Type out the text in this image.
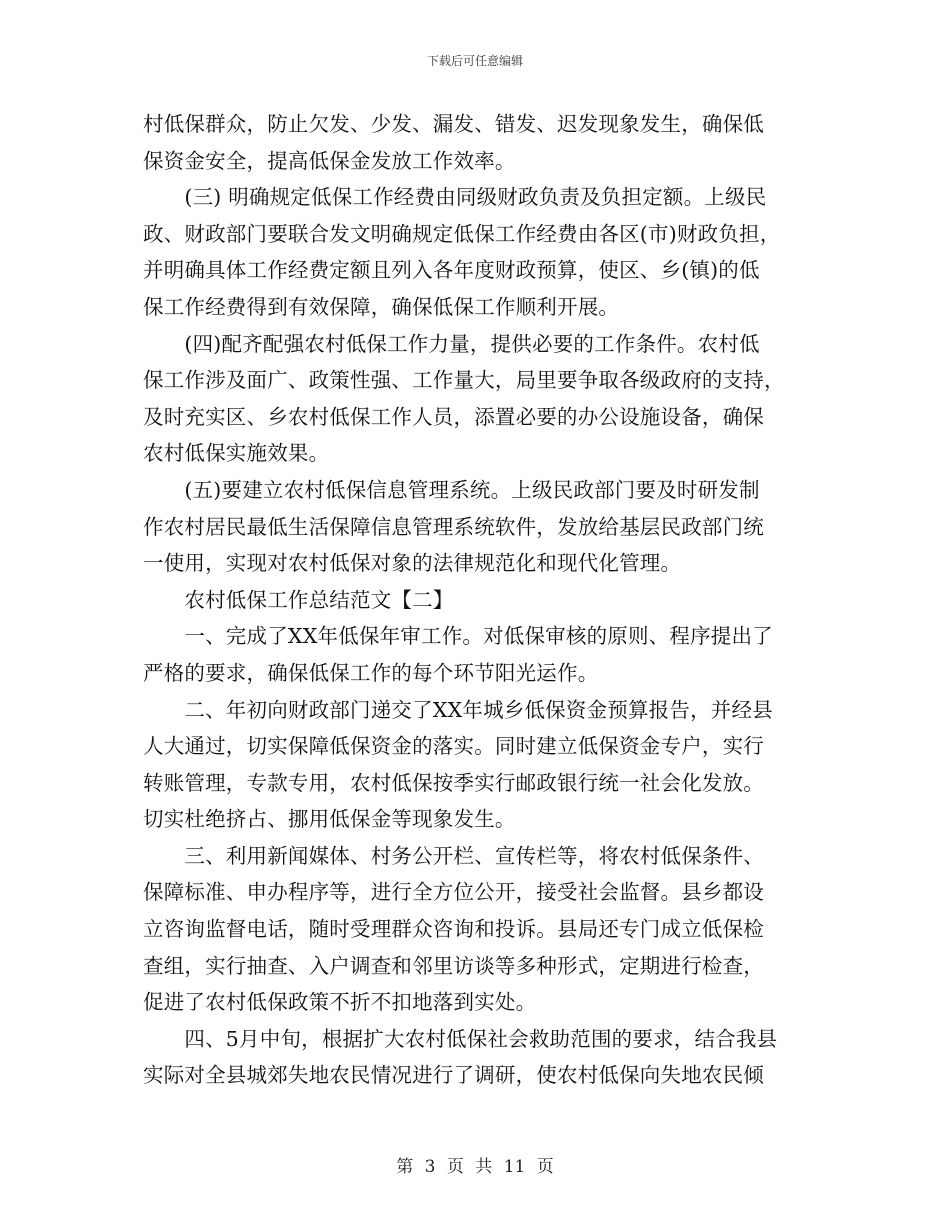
下载后可任意编辑
村低保群众，防止欠发、少发、漏发、错发、迟发现象发生，确保低
保资金安全，提高低保金发放工作效率。
　　(三) 明确规定低保工作经费由同级财政负责及负担定额。上级民
政、财政部门要联合发文明确规定低保工作经费由各区(市)财政负担，
并明确具体工作经费定额且列入各年度财政预算，使区、乡(镇)的低
保工作经费得到有效保障，确保低保工作顺利开展。
　　(四)配齐配强农村低保工作力量，提供必要的工作条件。农村低
保工作涉及面广、政策性强、工作量大，局里要争取各级政府的支持，
及时充实区、乡农村低保工作人员，添置必要的办公设施设备，确保
农村低保实施效果。
　　(五)要建立农村低保信息管理系统。上级民政部门要及时研发制
作农村居民最低生活保障信息管理系统软件，发放给基层民政部门统
一使用，实现对农村低保对象的法律规范化和现代化管理。
　　农村低保工作总结范文【二】
　　一、完成了XX年低保年审工作。对低保审核的原则、程序提出了
严格的要求，确保低保工作的每个环节阳光运作。
　　二、年初向财政部门递交了XX年城乡低保资金预算报告，并经县
人大通过，切实保障低保资金的落实。同时建立低保资金专户，实行
转账管理，专款专用，农村低保按季实行邮政银行统一社会化发放。
切实杜绝挤占、挪用低保金等现象发生。
　　三、利用新闻媒体、村务公开栏、宣传栏等，将农村低保条件、
保障标准、申办程序等，进行全方位公开，接受社会监督。县乡都设
立咨询监督电话，随时受理群众咨询和投诉。县局还专门成立低保检
查组，实行抽查、入户调查和邻里访谈等多种形式，定期进行检查，
促进了农村低保政策不折不扣地落到实处。
　　四、5月中旬，根据扩大农村低保社会救助范围的要求，结合我县
实际对全县城郊失地农民情况进行了调研，使农村低保向失地农民倾
第 3 页 共 11 页
